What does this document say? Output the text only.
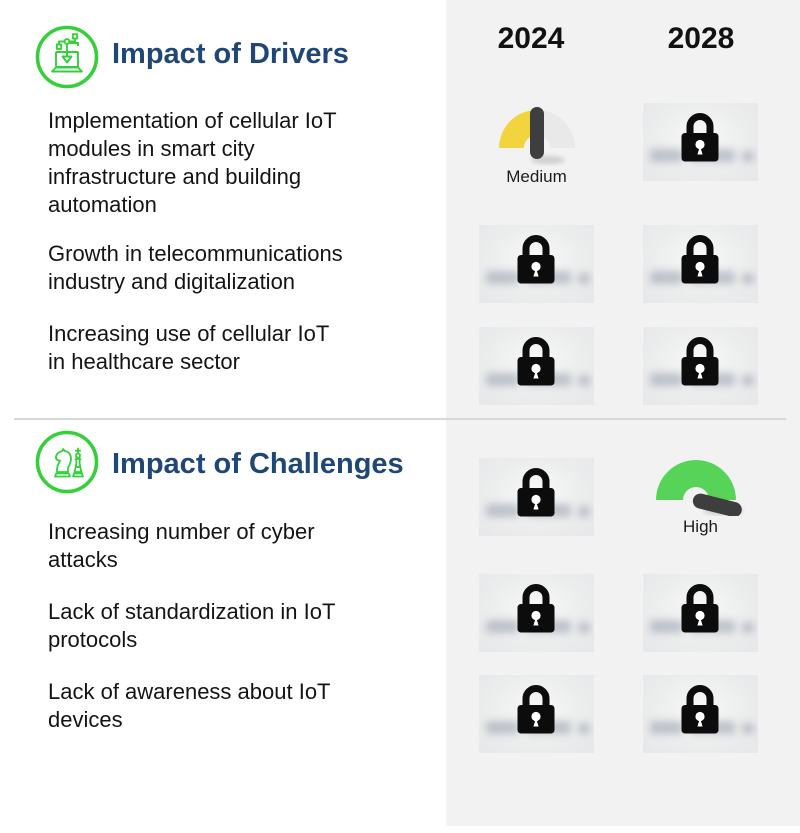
2024	2028
Impact of Drivers

Implementation of cellular IoT
modules in smart city
infrastructure and building
automation

Growth in telecommunications
industry and digitalization

Increasing use of cellular IoT
in healthcare sector

Impact of Challenges

Increasing number of cyber
attacks

Lack of standardization in IoT
protocols

Lack of awareness about IoT
devices

Medium
High
